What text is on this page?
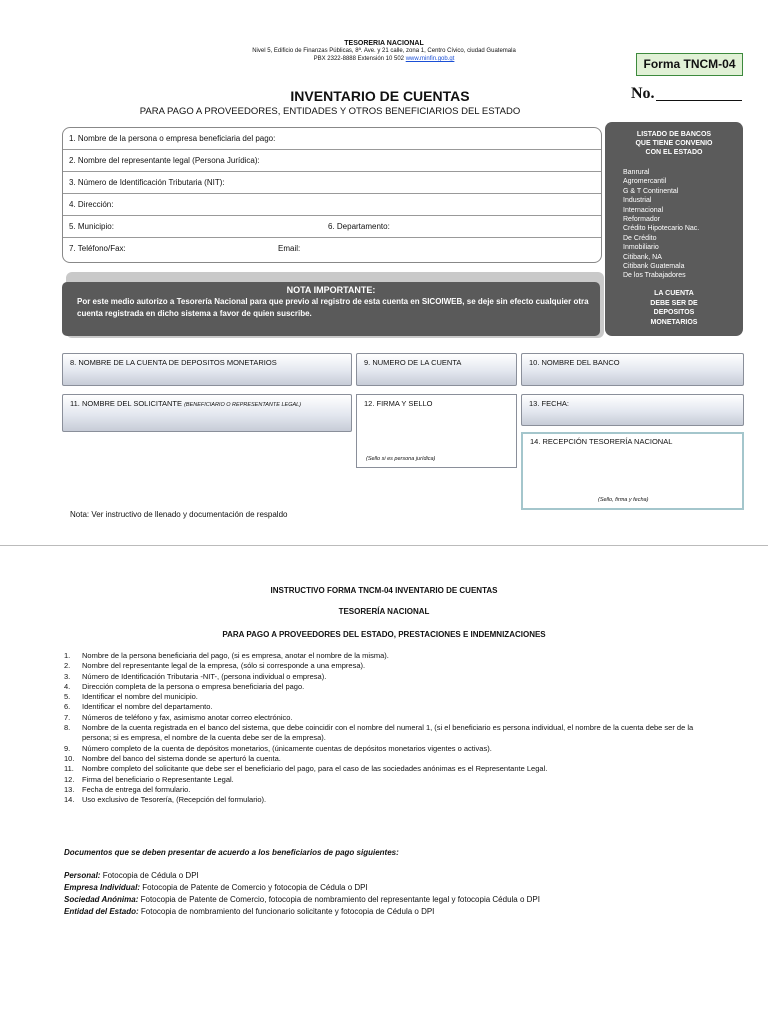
TESORERIA NACIONAL
Nivel 5, Edificio de Finanzas Públicas, 8ª. Ave. y 21 calle, zona 1, Centro Cívico, ciudad Guatemala
PBX 2322-8888 Extensión 10 502 www.minfin.gob.gt	Forma TNCM-04
No.
INVENTARIO DE CUENTAS
PARA PAGO A PROVEEDORES, ENTIDADES Y OTROS BENEFICIARIOS DEL ESTADO
1. Nombre de la persona o empresa beneficiaria del pago:
2. Nombre del representante legal (Persona Jurídica):
3. Número de Identificación Tributaria (NIT):
4. Dirección:
5. Municipio:	6. Departamento:
7. Teléfono/Fax:	Email:
LISTADO DE BANCOS
QUE TIENE CONVENIO
CON EL ESTADO
Banrural
Agromercantil
G & T Continental
Industrial
Internacional
Reformador
Crédito Hipotecario Nac.
De Crédito
Inmobiliario
Citibank, NA
Citibank Guatemala
De los Trabajadores
LA CUENTA
DEBE SER DE
DEPOSITOS
MONETARIOS
NOTA IMPORTANTE:
Por este medio autorizo a Tesorería Nacional para que previo al registro de esta cuenta en SICOIWEB, se deje sin efecto cualquier otra cuenta registrada en dicho sistema a favor de quien suscribe.
8. NOMBRE DE LA CUENTA DE DEPOSITOS MONETARIOS	9. NUMERO DE LA CUENTA	10. NOMBRE DEL BANCO
11. NOMBRE DEL SOLICITANTE (BENEFICIARIO O REPRESENTANTE LEGAL)	12. FIRMA Y SELLO
(Sello si es persona jurídica)
13. FECHA:
14. RECEPCIÓN TESORERÍA NACIONAL
(Sello, firma y fecha)
Nota: Ver instructivo de llenado y documentación de respaldo
INSTRUCTIVO FORMA TNCM-04 INVENTARIO DE CUENTAS
TESORERÍA NACIONAL
PARA PAGO A PROVEEDORES DEL ESTADO, PRESTACIONES E INDEMNIZACIONES
1. Nombre de la persona beneficiaria del pago, (si es empresa, anotar el nombre de la misma).
2. Nombre del representante legal de la empresa, (sólo si corresponde a una empresa).
3. Número de Identificación Tributaria -NIT-, (persona individual o empresa).
4. Dirección completa de la persona o empresa beneficiaria del pago.
5. Identificar el nombre del municipio.
6. Identificar el nombre del departamento.
7. Números de teléfono y fax, asimismo anotar correo electrónico.
8. Nombre de la cuenta registrada en el banco del sistema, que debe coincidir con el nombre del numeral 1, (si el beneficiario es persona individual, el nombre de la cuenta debe ser de la persona; si es empresa, el nombre de la cuenta debe ser de la empresa).
9. Número completo de la cuenta de depósitos monetarios, (únicamente cuentas de depósitos monetarios vigentes o activas).
10. Nombre del banco del sistema donde se aperturó la cuenta.
11. Nombre completo del solicitante que debe ser el beneficiario del pago, para el caso de las sociedades anónimas es el Representante Legal.
12. Firma del beneficiario o Representante Legal.
13. Fecha de entrega del formulario.
14. Uso exclusivo de Tesorería, (Recepción del formulario).
Documentos que se deben presentar de acuerdo a los beneficiarios de pago siguientes:
Personal: Fotocopia de Cédula o DPI
Empresa Individual: Fotocopia de Patente de Comercio y fotocopia de Cédula o DPI
Sociedad Anónima: Fotocopia de Patente de Comercio, fotocopia de nombramiento del representante legal y fotocopia Cédula o DPI
Entidad del Estado: Fotocopia de nombramiento del funcionario solicitante y fotocopia de Cédula o DPI
